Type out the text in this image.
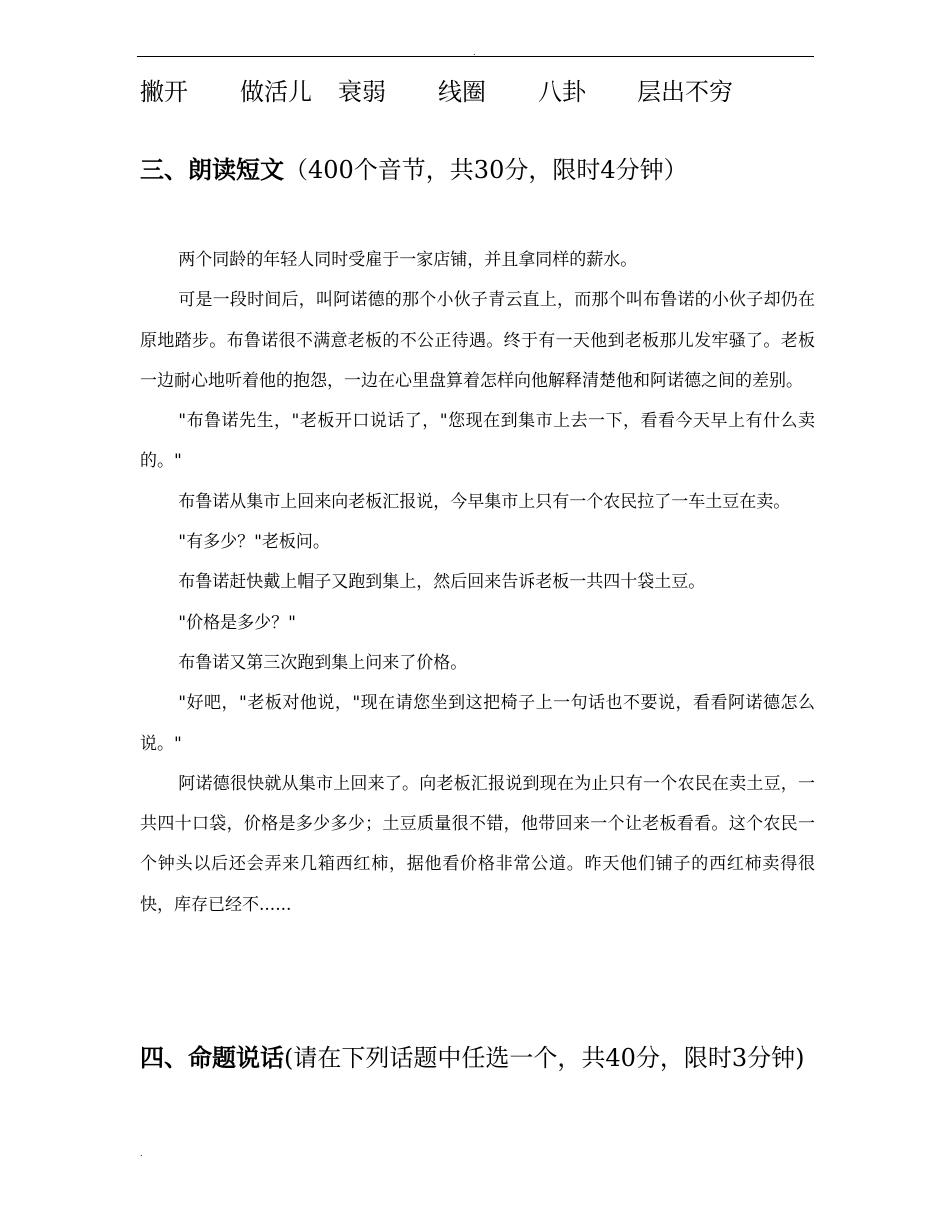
.
撇开 做活儿 衰弱 线圈 八卦 层出不穷
三、朗读短文（400个音节，共30分，限时4分钟）

两个同龄的年轻人同时受雇于一家店铺，并且拿同样的薪水。

可是一段时间后，叫阿诺德的那个小伙子青云直上，而那个叫布鲁诺的小伙子却仍在原地踏步。布鲁诺很不满意老板的不公正待遇。终于有一天他到老板那儿发牢骚了。老板一边耐心地听着他的抱怨，一边在心里盘算着怎样向他解释清楚他和阿诺德之间的差别。

"布鲁诺先生，"老板开口说话了，"您现在到集市上去一下，看看今天早上有什么卖的。"

布鲁诺从集市上回来向老板汇报说，今早集市上只有一个农民拉了一车土豆在卖。

"有多少？"老板问。

布鲁诺赶快戴上帽子又跑到集上，然后回来告诉老板一共四十袋土豆。

"价格是多少？"

布鲁诺又第三次跑到集上问来了价格。

"好吧，"老板对他说，"现在请您坐到这把椅子上一句话也不要说，看看阿诺德怎么说。"

阿诺德很快就从集市上回来了。向老板汇报说到现在为止只有一个农民在卖土豆，一共四十口袋，价格是多少多少；土豆质量很不错，他带回来一个让老板看看。这个农民一个钟头以后还会弄来几箱西红柿，据他看价格非常公道。昨天他们铺子的西红柿卖得很快，库存已经不......

四、命题说话(请在下列话题中任选一个，共40分，限时3分钟)
.
